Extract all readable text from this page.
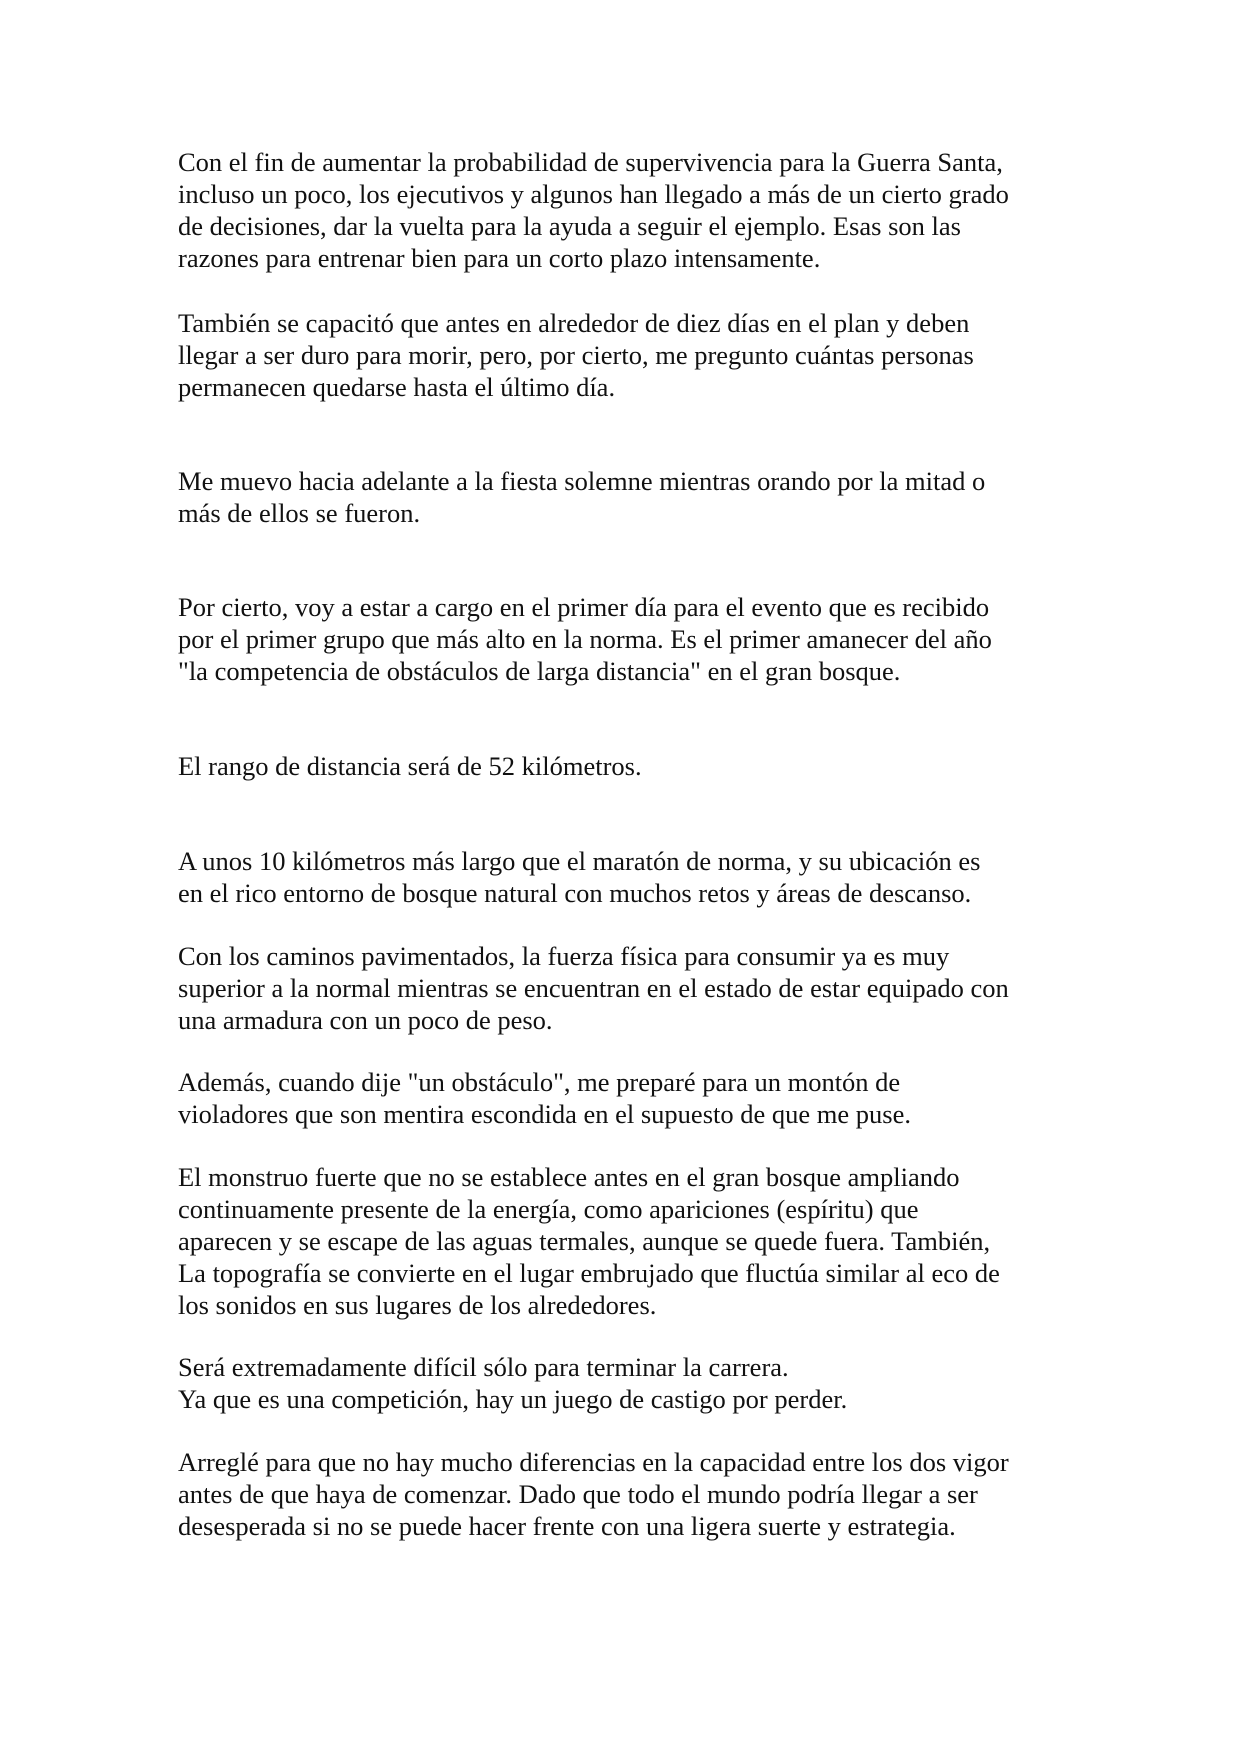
Con el fin de aumentar la probabilidad de supervivencia para la Guerra Santa,
incluso un poco, los ejecutivos y algunos han llegado a más de un cierto grado
de decisiones, dar la vuelta para la ayuda a seguir el ejemplo. Esas son las
razones para entrenar bien para un corto plazo intensamente.

También se capacitó que antes en alrededor de diez días en el plan y deben
llegar a ser duro para morir, pero, por cierto, me pregunto cuántas personas
permanecen quedarse hasta el último día.

Me muevo hacia adelante a la fiesta solemne mientras orando por la mitad o
más de ellos se fueron.

Por cierto, voy a estar a cargo en el primer día para el evento que es recibido
por el primer grupo que más alto en la norma. Es el primer amanecer del año
"la competencia de obstáculos de larga distancia" en el gran bosque.

El rango de distancia será de 52 kilómetros.

A unos 10 kilómetros más largo que el maratón de norma, y su ubicación es
en el rico entorno de bosque natural con muchos retos y áreas de descanso.

Con los caminos pavimentados, la fuerza física para consumir ya es muy
superior a la normal mientras se encuentran en el estado de estar equipado con
una armadura con un poco de peso.

Además, cuando dije "un obstáculo", me preparé para un montón de
violadores que son mentira escondida en el supuesto de que me puse.

El monstruo fuerte que no se establece antes en el gran bosque ampliando
continuamente presente de la energía, como apariciones (espíritu) que
aparecen y se escape de las aguas termales, aunque se quede fuera. También,
La topografía se convierte en el lugar embrujado que fluctúa similar al eco de
los sonidos en sus lugares de los alrededores.

Será extremadamente difícil sólo para terminar la carrera.
Ya que es una competición, hay un juego de castigo por perder.

Arreglé para que no hay mucho diferencias en la capacidad entre los dos vigor
antes de que haya de comenzar. Dado que todo el mundo podría llegar a ser
desesperada si no se puede hacer frente con una ligera suerte y estrategia.
